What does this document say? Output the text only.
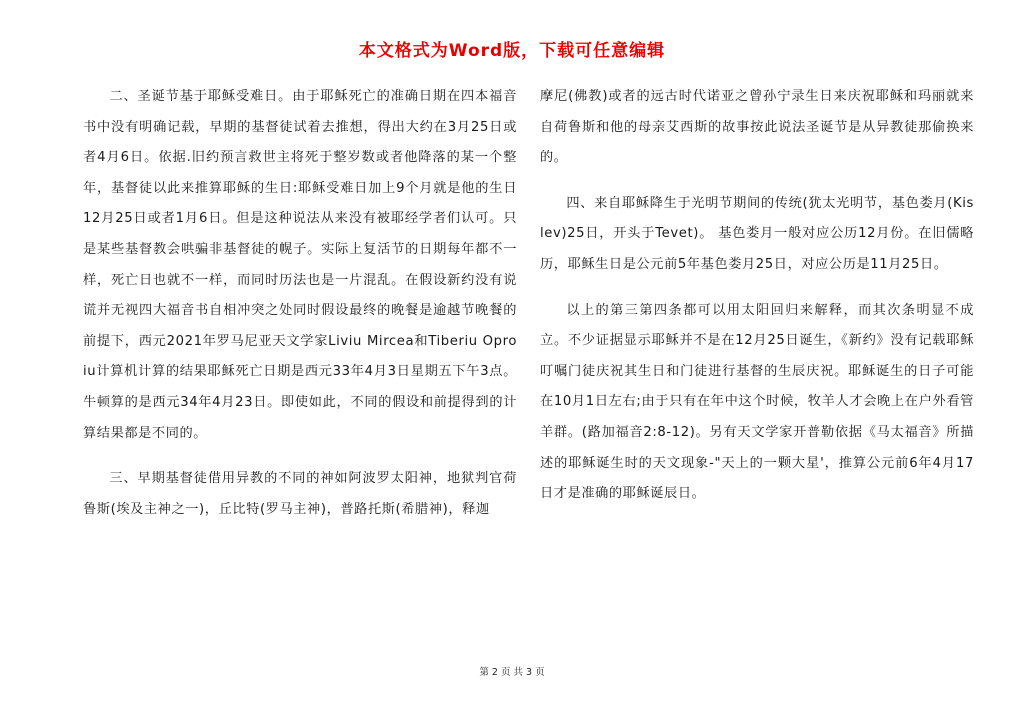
本文格式为Word版，下载可任意编辑

二、圣诞节基于耶稣受难日。由于耶稣死亡的准确日期在四本福音书中没有明确记载，早期的基督徒试着去推想，得出大约在3月25日或者4月6日。依据.旧约预言救世主将死于整岁数或者他降落的某一个整年，基督徒以此来推算耶稣的生日:耶稣受难日加上9个月就是他的生日12月25日或者1月6日。但是这种说法从来没有被耶经学者们认可。只是某些基督教会哄骗非基督徒的幌子。实际上复活节的日期每年都不一样，死亡日也就不一样，而同时历法也是一片混乱。在假设新约没有说谎并无视四大福音书自相冲突之处同时假设最终的晚餐是逾越节晚餐的前提下，西元2021年罗马尼亚天文学家Liviu Mircea和Tiberiu Oproiu计算机计算的结果耶稣死亡日期是西元33年4月3日星期五下午3点。牛顿算的是西元34年4月23日。即使如此，不同的假设和前提得到的计算结果都是不同的。

三、早期基督徒借用异教的不同的神如阿波罗太阳神，地狱判官荷鲁斯(埃及主神之一)，丘比特(罗马主神)，普路托斯(希腊神)，释迦

摩尼(佛教)或者的远古时代诺亚之曾孙宁录生日来庆祝耶稣和玛丽就来自荷鲁斯和他的母亲艾西斯的故事按此说法圣诞节是从异教徒那偷换来的。

四、来自耶稣降生于光明节期间的传统(犹太光明节，基色娄月(Kislev)25日，开头于Tevet)。 基色娄月一般对应公历12月份。在旧儒略历，耶稣生日是公元前5年基色娄月25日，对应公历是11月25日。

以上的第三第四条都可以用太阳回归来解释，而其次条明显不成立。不少证据显示耶稣并不是在12月25日诞生，《新约》没有记载耶稣叮嘱门徒庆祝其生日和门徒进行基督的生辰庆祝。耶稣诞生的日子可能在10月1日左右;由于只有在年中这个时候，牧羊人才会晚上在户外看管羊群。(路加福音2:8-12)。另有天文学家开普勒依据《马太福音》所描述的耶稣诞生时的天文现象-"天上的一颗大星'，推算公元前6年4月17日才是准确的耶稣诞辰日。

第 2 页 共 3 页
